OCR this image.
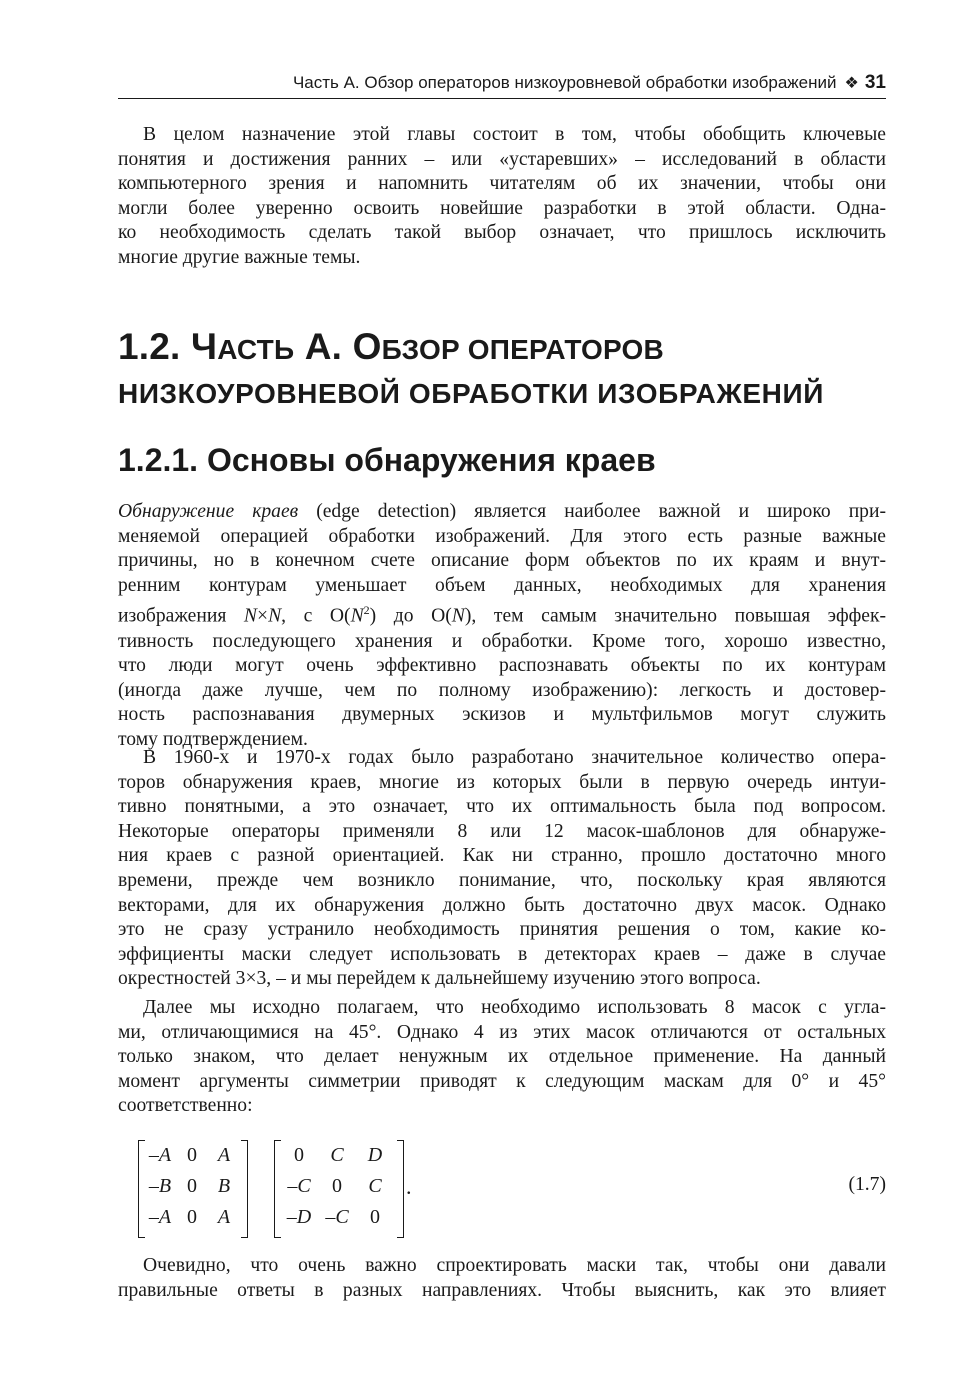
Часть А. Обзор операторов низкоуровневой обработки изображений ❖ 31
В целом назначение этой главы состоит в том, чтобы обобщить ключевые
понятия и достижения ранних – или «устаревших» – исследований в области
компьютерного зрения и напомнить читателям об их значении, чтобы они
могли более уверенно освоить новейшие разработки в этой области. Одна-
ко необходимость сделать такой выбор означает, что пришлось исключить
многие другие важные темы.
1.2. ЧАСТЬ А. ОБЗОР ОПЕРАТОРОВ
НИЗКОУРОВНЕВОЙ ОБРАБОТКИ ИЗОБРАЖЕНИЙ
1.2.1. Основы обнаружения краев
Обнаружение краев (edge detection) является наиболее важной и широко при-
меняемой операцией обработки изображений. Для этого есть разные важные
причины, но в конечном счете описание форм объектов по их краям и внут-
ренним контурам уменьшает объем данных, необходимых для хранения
изображения N×N, с $O(N^2)$ до O(N), тем самым значительно повышая эффек-
тивность последующего хранения и обработки. Кроме того, хорошо известно,
что люди могут очень эффективно распознавать объекты по их контурам
(иногда даже лучше, чем по полному изображению): легкость и достовер-
ность распознавания двумерных эскизов и мультфильмов могут служить
тому подтверждением.
В 1960-х и 1970-х годах было разработано значительное количество опера-
торов обнаружения краев, многие из которых были в первую очередь интуи-
тивно понятными, а это означает, что их оптимальность была под вопросом.
Некоторые операторы применяли 8 или 12 масок-шаблонов для обнаруже-
ния краев с разной ориентацией. Как ни странно, прошло достаточно много
времени, прежде чем возникло понимание, что, поскольку края являются
векторами, для их обнаружения должно быть достаточно двух масок. Однако
это не сразу устранило необходимость принятия решения о том, какие ко-
эффициенты маски следует использовать в детекторах краев – даже в случае
окрестностей 3×3, – и мы перейдем к дальнейшему изучению этого вопроса.
Далее мы исходно полагаем, что необходимо использовать 8 масок с угла-
ми, отличающимися на 45°. Однако 4 из этих масок отличаются от остальных
только знаком, что делает ненужным их отдельное применение. На данный
момент аргументы симметрии приводят к следующим маскам для 0° и 45°
соответственно:
–A	0	A
–B	0	B
–A	0	A
0	C	D
–C	0	C
–D	–C	0
.	(1.7)
Очевидно, что очень важно спроектировать маски так, чтобы они давали
правильные ответы в разных направлениях. Чтобы выяснить, как это влияет
